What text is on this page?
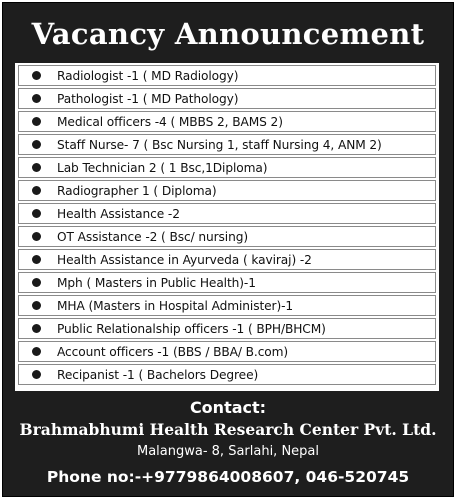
Vacancy Announcement
Radiologist -1 ( MD Radiology)
Pathologist -1 ( MD Pathology)
Medical officers -4 ( MBBS 2, BAMS 2)
Staff Nurse- 7 ( Bsc Nursing 1, staff Nursing 4, ANM 2)
Lab Technician 2 ( 1 Bsc,1Diploma)
Radiographer 1 ( Diploma)
Health Assistance -2
OT Assistance -2 ( Bsc/ nursing)
Health Assistance in Ayurveda ( kaviraj) -2
Mph ( Masters in Public Health)-1
MHA (Masters in Hospital Administer)-1
Public Relationalship officers -1 ( BPH/BHCM)
Account officers -1 (BBS / BBA/ B.com)
Recipanist -1 ( Bachelors Degree)
Contact:
Brahmabhumi Health Research Center Pvt. Ltd.
Malangwa- 8, Sarlahi, Nepal
Phone no:-+9779864008607, 046-520745
